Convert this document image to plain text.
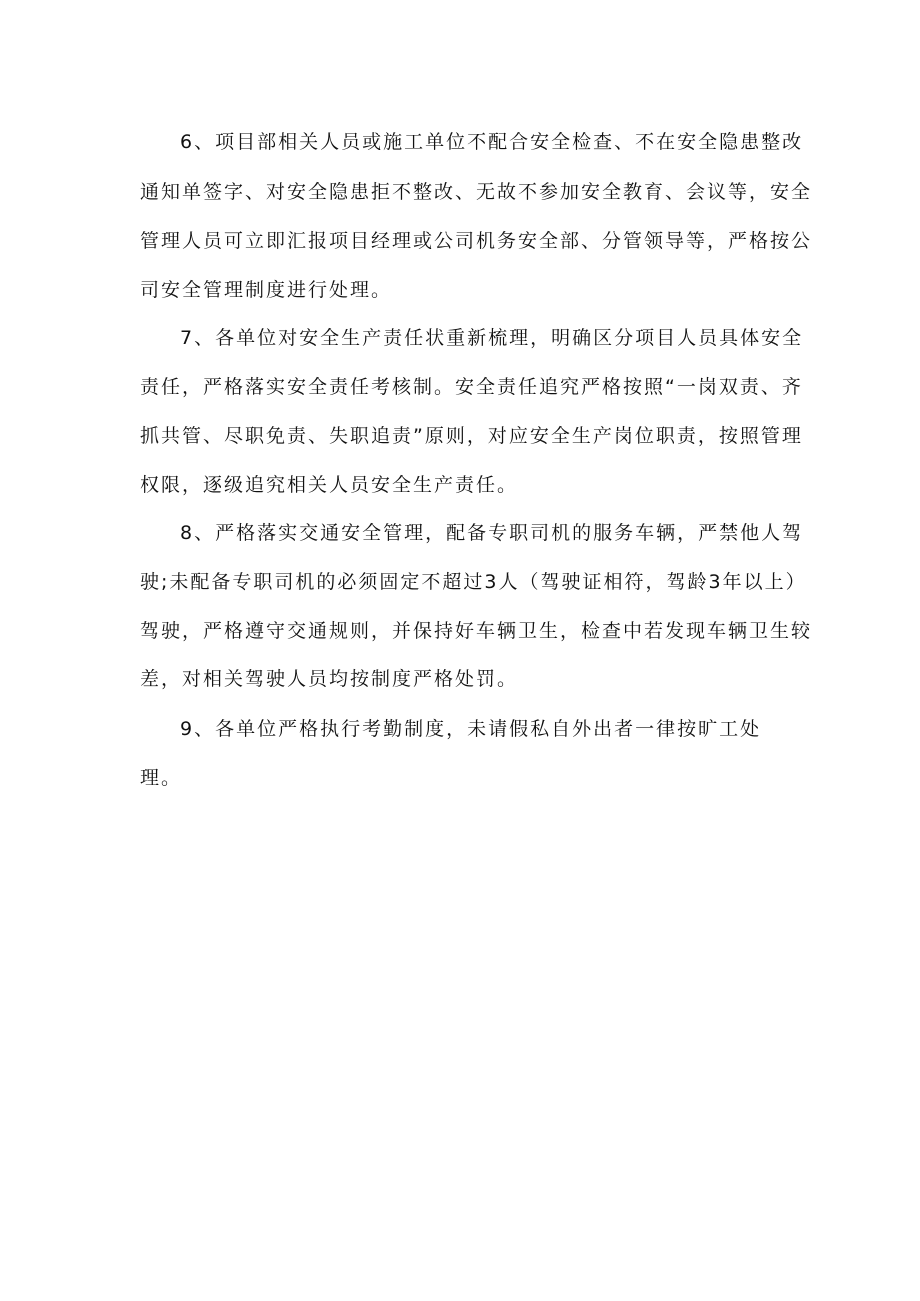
6、项目部相关人员或施工单位不配合安全检查、不在安全隐患整改
通知单签字、对安全隐患拒不整改、无故不参加安全教育、会议等，安全
管理人员可立即汇报项目经理或公司机务安全部、分管领导等，严格按公
司安全管理制度进行处理。
7、各单位对安全生产责任状重新梳理，明确区分项目人员具体安全
责任，严格落实安全责任考核制。安全责任追究严格按照“一岗双责、齐
抓共管、尽职免责、失职追责”原则，对应安全生产岗位职责，按照管理
权限，逐级追究相关人员安全生产责任。
8、严格落实交通安全管理，配备专职司机的服务车辆，严禁他人驾
驶;未配备专职司机的必须固定不超过3人（驾驶证相符，驾龄3年以上）
驾驶，严格遵守交通规则，并保持好车辆卫生，检查中若发现车辆卫生较
差，对相关驾驶人员均按制度严格处罚。
9、各单位严格执行考勤制度，未请假私自外出者一律按旷工处
理。
